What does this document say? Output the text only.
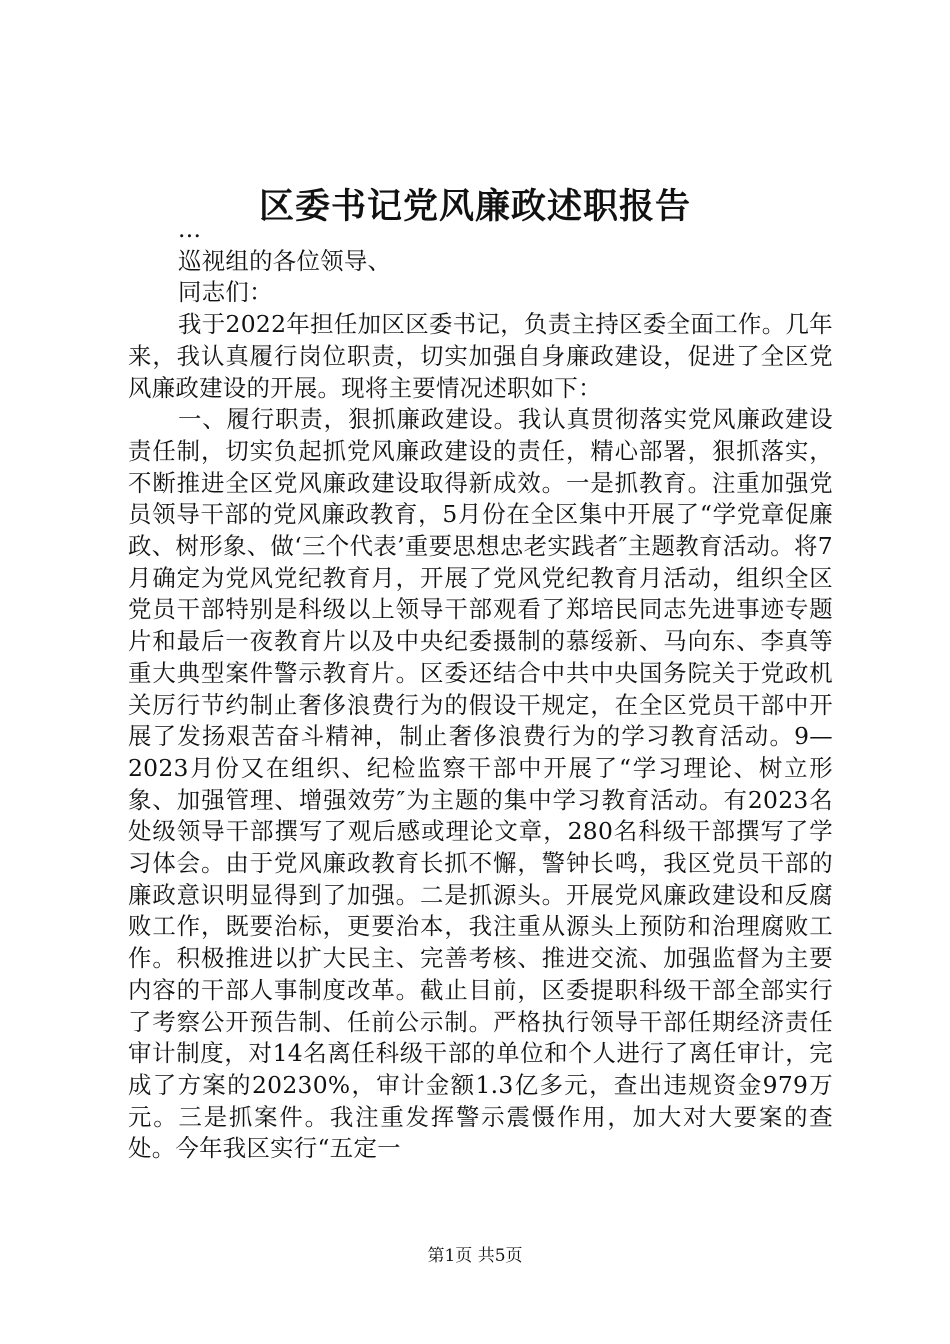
区委书记党风廉政述职报告

...

巡视组的各位领导、

同志们：

我于2022年担任加区区委书记，负责主持区委全面工作。几年来，我认真履行岗位职责，切实加强自身廉政建设，促进了全区党风廉政建设的开展。现将主要情况述职如下：

一、履行职责，狠抓廉政建设。我认真贯彻落实党风廉政建设责任制，切实负起抓党风廉政建设的责任，精心部署，狠抓落实，不断推进全区党风廉政建设取得新成效。一是抓教育。注重加强党员领导干部的党风廉政教育，5月份在全区集中开展了“学党章促廉政、树形象、做‘三个代表’重要思想忠老实践者″主题教育活动。将7月确定为党风党纪教育月，开展了党风党纪教育月活动，组织全区党员干部特别是科级以上领导干部观看了郑培民同志先进事迹专题片和最后一夜教育片以及中央纪委摄制的慕绥新、马向东、李真等重大典型案件警示教育片。区委还结合中共中央国务院关于党政机关厉行节约制止奢侈浪费行为的假设干规定，在全区党员干部中开展了发扬艰苦奋斗精神，制止奢侈浪费行为的学习教育活动。9—2023月份又在组织、纪检监察干部中开展了“学习理论、树立形象、加强管理、增强效劳″为主题的集中学习教育活动。有2023名处级领导干部撰写了观后感或理论文章，280名科级干部撰写了学习体会。由于党风廉政教育长抓不懈，警钟长鸣，我区党员干部的廉政意识明显得到了加强。二是抓源头。开展党风廉政建设和反腐败工作，既要治标，更要治本，我注重从源头上预防和治理腐败工作。积极推进以扩大民主、完善考核、推进交流、加强监督为主要内容的干部人事制度改革。截止目前，区委提职科级干部全部实行了考察公开预告制、任前公示制。严格执行领导干部任期经济责任审计制度，对14名离任科级干部的单位和个人进行了离任审计，完成了方案的20230%，审计金额1.3亿多元，查出违规资金979万元。三是抓案件。我注重发挥警示震慑作用，加大对大要案的查处。今年我区实行“五定一

第1页 共5页
